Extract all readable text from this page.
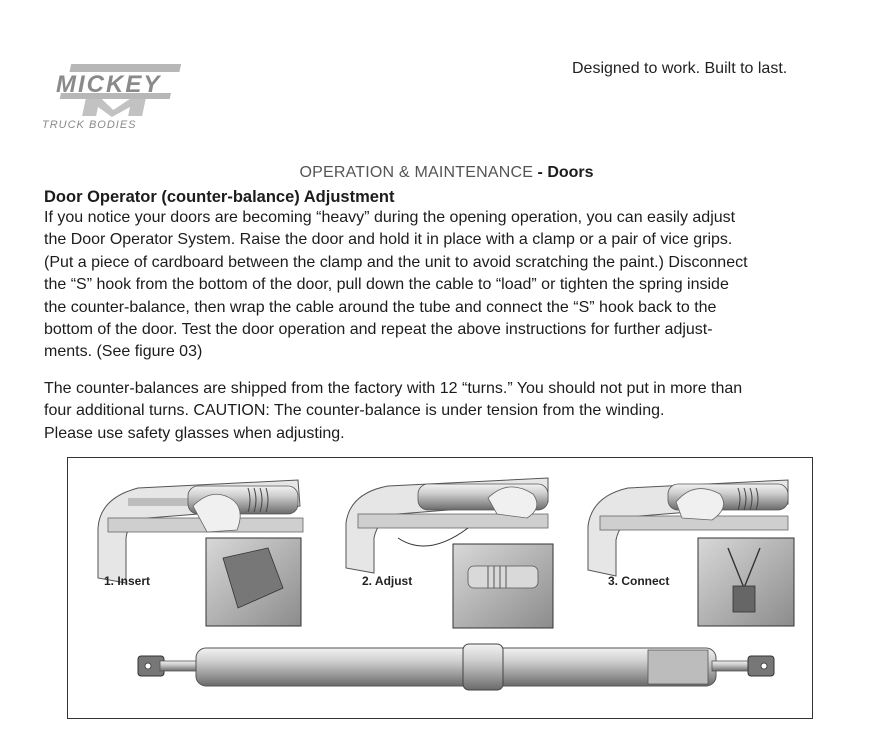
MICKEY
TRUCK BODIES
Designed to work. Built to last.
OPERATION & MAINTENANCE - Doors
Door Operator (counter-balance) Adjustment
If you notice your doors are becoming “heavy” during the opening operation, you can easily adjust
the Door Operator System. Raise the door and hold it in place with a clamp or a pair of vice grips.
(Put a piece of cardboard between the clamp and the unit to avoid scratching the paint.) Disconnect
the “S” hook from the bottom of the door, pull down the cable to “load” or tighten the spring inside
the counter-balance, then wrap the cable around the tube and connect the “S” hook back to the
bottom of the door. Test the door operation and repeat the above instructions for further adjust-
ments. (See figure 03)
The counter-balances are shipped from the factory with 12 “turns.” You should not put in more than
four additional turns. CAUTION: The counter-balance is under tension from the winding.
Please use safety glasses when adjusting.
1. Insert	2. Adjust	3. Connect
